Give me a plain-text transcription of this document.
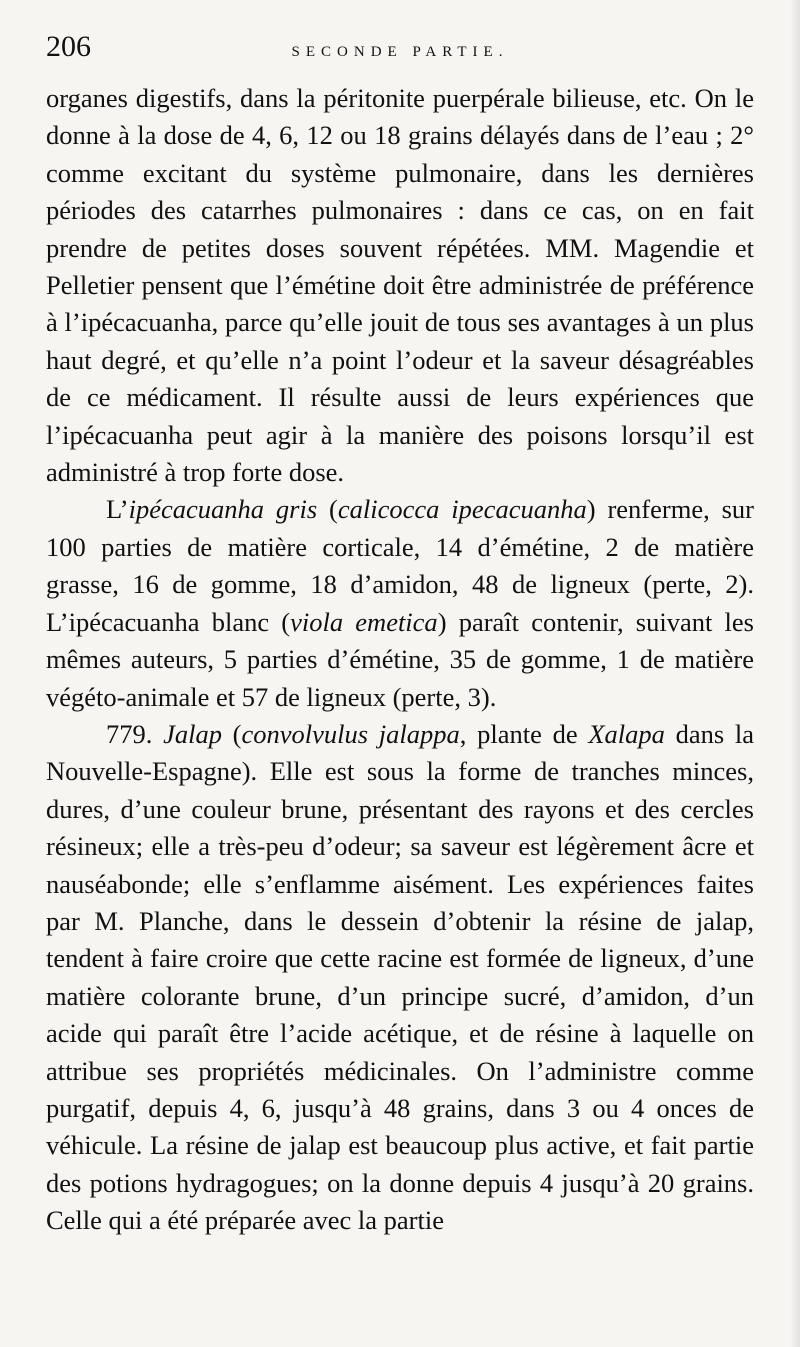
206	SECONDE PARTIE.

organes digestifs, dans la péritonite puerpérale bilieuse, etc. On le donne à la dose de 4, 6, 12 ou 18 grains délayés dans de l’eau ; 2° comme excitant du système pulmonaire, dans les dernières périodes des catarrhes pulmonaires : dans ce cas, on en fait prendre de petites doses souvent répétées. MM. Magendie et Pelletier pensent que l’émétine doit être administrée de préférence à l’ipécacuanha, parce qu’elle jouit de tous ses avantages à un plus haut degré, et qu’elle n’a point l’odeur et la saveur désagréables de ce médicament. Il résulte aussi de leurs expériences que l’ipécacuanha peut agir à la manière des poisons lorsqu’il est administré à trop forte dose.

L’ipécacuanha gris (calicocca ipecacuanha) renferme, sur 100 parties de matière corticale, 14 d’émétine, 2 de matière grasse, 16 de gomme, 18 d’amidon, 48 de ligneux (perte, 2). L’ipécacuanha blanc (viola emetica) paraît contenir, suivant les mêmes auteurs, 5 parties d’émétine, 35 de gomme, 1 de matière végéto-animale et 57 de ligneux (perte, 3).

779. Jalap (convolvulus jalappa, plante de Xalapa dans la Nouvelle-Espagne). Elle est sous la forme de tranches minces, dures, d’une couleur brune, présentant des rayons et des cercles résineux; elle a très-peu d’odeur; sa saveur est légèrement âcre et nauséabonde; elle s’enflamme aisément. Les expériences faites par M. Planche, dans le dessein d’obtenir la résine de jalap, tendent à faire croire que cette racine est formée de ligneux, d’une matière colorante brune, d’un principe sucré, d’amidon, d’un acide qui paraît être l’acide acétique, et de résine à laquelle on attribue ses propriétés médicinales. On l’administre comme purgatif, depuis 4, 6, jusqu’à 48 grains, dans 3 ou 4 onces de véhicule. La résine de jalap est beaucoup plus active, et fait partie des potions hydragogues; on la donne depuis 4 jusqu’à 20 grains. Celle qui a été préparée avec la partie
